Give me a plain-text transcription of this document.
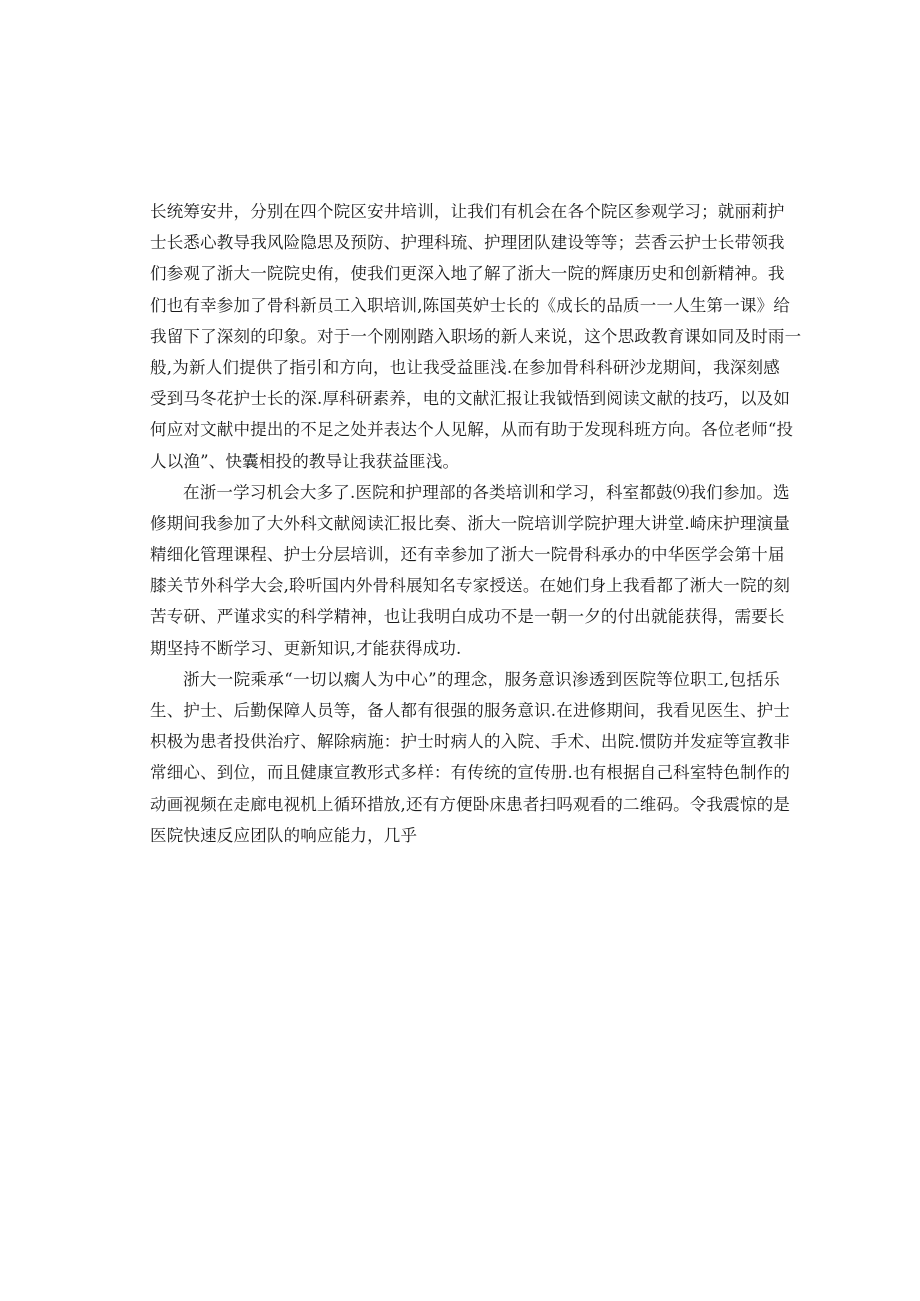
长统筹安井，分别在四个院区安井培训，让我们有机会在各个院区参观学习；就丽莉护
士长悉心教导我风险隐思及预防、护理科琉、护理团队建设等等；芸香云护士长带领我
们参观了浙大一院院史侑，使我们更深入地了解了浙大一院的辉康历史和创新精神。我
们也有幸参加了骨科新员工入职培训,陈国英妒士长的《成长的品质一一人生第一课》给
我留下了深刻的印象。对于一个刚刚踏入职场的新人来说，这个思政教育课如同及时雨一
般,为新人们提供了指引和方向，也让我受益匪浅.在参加骨科科研沙龙期间，我深刻感
受到马冬花护士长的深.厚科研素养，电的文献汇报让我钺悟到阅读文献的技巧，以及如
何应对文献中提出的不足之处并表达个人见解，从而有助于发现科班方向。各位老师“投
人以渔”、快囊相投的教导让我获益匪浅。
在浙一学习机会大多了.医院和护理部的各类培训和学习，科室都鼓⑼我们参加。选
修期间我参加了大外科文献阅读汇报比奏、浙大一院培训学院护理大讲堂.崎床护理演量
精细化管理课程、护士分层培训，还有幸参加了浙大一院骨科承办的中华医学会第十届
膝关节外科学大会,聆听国内外骨科展知名专家授送。在她们身上我看都了淅大一院的刻
苦专研、严谨求实的科学精神，也让我明白成功不是一朝一夕的付出就能获得，需要长
期坚持不断学习、更新知识,才能获得成功.
浙大一院乘承“一切以瘸人为中心”的理念，服务意识渗透到医院等位职工,包括乐
生、护士、后勤保障人员等，备人都有很强的服务意识.在进修期间，我看见医生、护士
枳极为患者投供治疗、解除病施：护士时病人的入院、手术、出院.惯防并发症等宣教非
常细心、到位，而且健康宣教形式多样：有传统的宣传册.也有根据自己科室特色制作的
动画视频在走廊电视机上循环措放,还有方便卧床患者扫吗观看的二维码。令我震惊的是
医院快速反应团队的响应能力，几乎
